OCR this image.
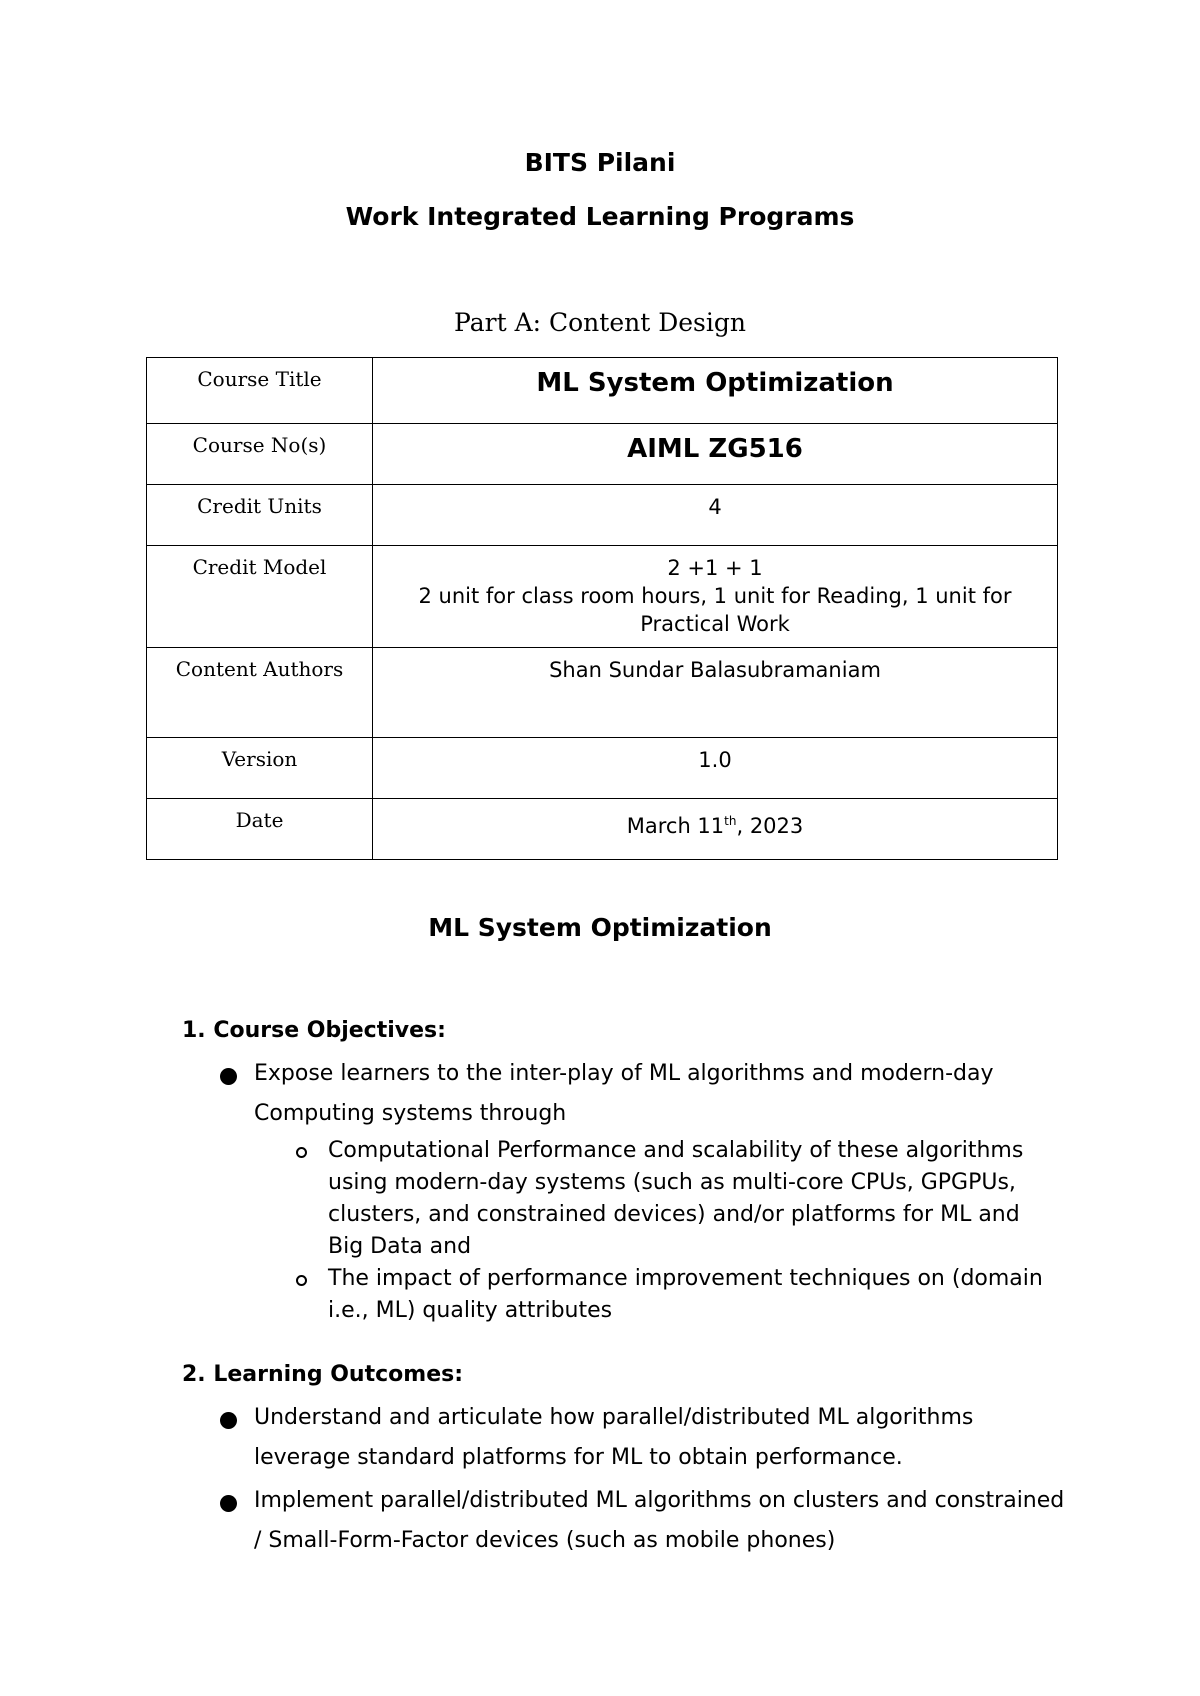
BITS Pilani
Work Integrated Learning Programs
Part A: Content Design
Course Title	ML System Optimization
Course No(s)	AIML ZG516
Credit Units	4
Credit Model	2 +1 + 1
2 unit for class room hours, 1 unit for Reading, 1 unit for Practical Work

Content Authors	Shan Sundar Balasubramaniam
Version	1.0
Date	March 11th, 2023
ML System Optimization
1. Course Objectives:
Expose learners to the inter-play of ML algorithms and modern-day Computing systems through
Computational Performance and scalability of these algorithms using modern-day systems (such as multi-core CPUs, GPGPUs, clusters, and constrained devices) and/or platforms for ML and Big Data and
The impact of performance improvement techniques on (domain i.e., ML) quality attributes
2. Learning Outcomes:
Understand and articulate how parallel/distributed ML algorithms leverage standard platforms for ML to obtain performance.
Implement parallel/distributed ML algorithms on clusters and constrained / Small-Form-Factor devices (such as mobile phones)
